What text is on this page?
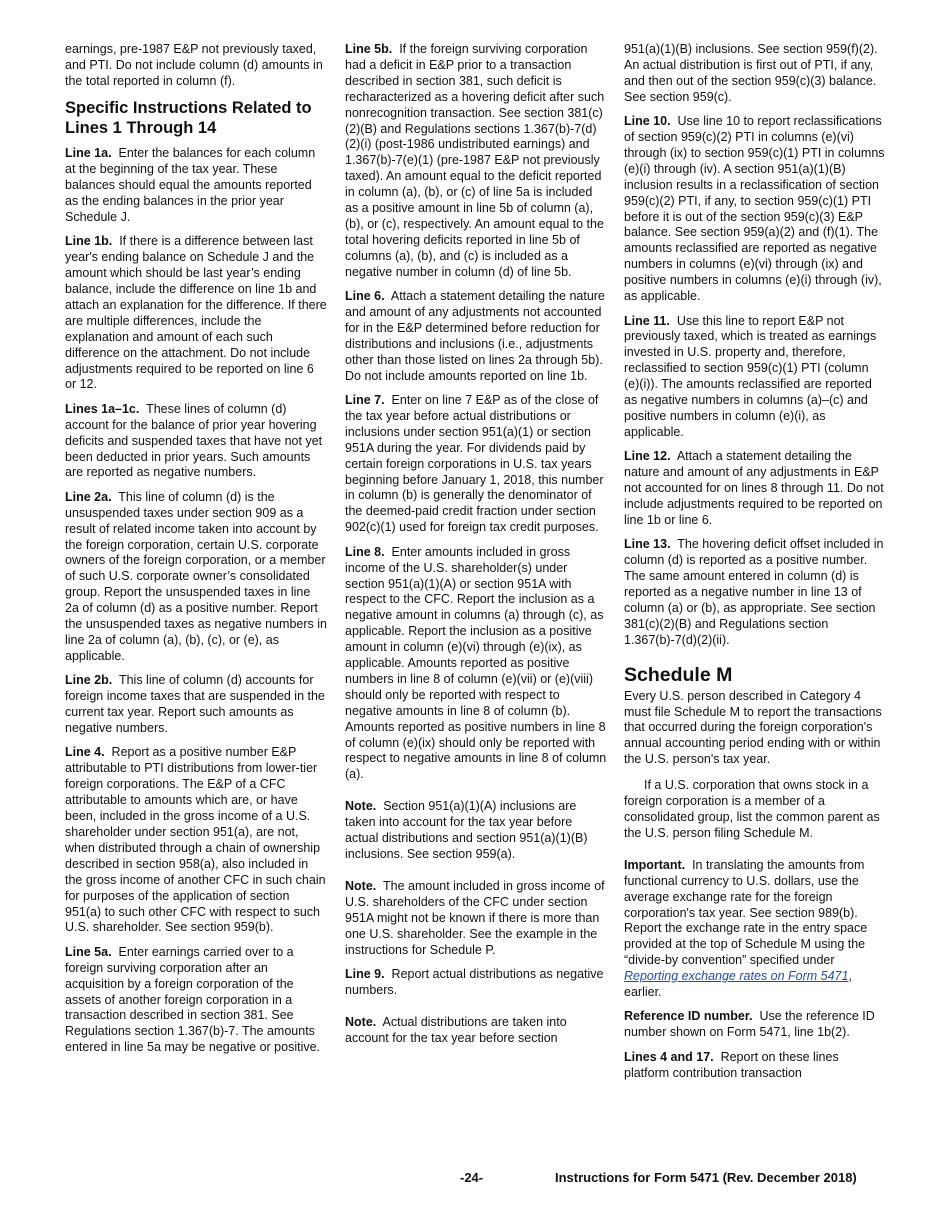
earnings, pre-1987 E&P not previously taxed, and PTI. Do not include column (d) amounts in the total reported in column (f).

Specific Instructions Related to Lines 1 Through 14

Line 1a. Enter the balances for each column at the beginning of the tax year. These balances should equal the amounts reported as the ending balances in the prior year Schedule J.

Line 1b. If there is a difference between last year's ending balance on Schedule J and the amount which should be last year’s ending balance, include the difference on line 1b and attach an explanation for the difference. If there are multiple differences, include the explanation and amount of each such difference on the attachment. Do not include adjustments required to be reported on line 6 or 12.

Lines 1a–1c. These lines of column (d) account for the balance of prior year hovering deficits and suspended taxes that have not yet been deducted in prior years. Such amounts are reported as negative numbers.

Line 2a. This line of column (d) is the unsuspended taxes under section 909 as a result of related income taken into account by the foreign corporation, certain U.S. corporate owners of the foreign corporation, or a member of such U.S. corporate owner’s consolidated group. Report the unsuspended taxes in line 2a of column (d) as a positive number. Report the unsuspended taxes as negative numbers in line 2a of column (a), (b), (c), or (e), as applicable.

Line 2b. This line of column (d) accounts for foreign income taxes that are suspended in the current tax year. Report such amounts as negative numbers.

Line 4. Report as a positive number E&P attributable to PTI distributions from lower-tier foreign corporations. The E&P of a CFC attributable to amounts which are, or have been, included in the gross income of a U.S. shareholder under section 951(a), are not, when distributed through a chain of ownership described in section 958(a), also included in the gross income of another CFC in such chain for purposes of the application of section 951(a) to such other CFC with respect to such U.S. shareholder. See section 959(b).

Line 5a. Enter earnings carried over to a foreign surviving corporation after an acquisition by a foreign corporation of the assets of another foreign corporation in a transaction described in section 381. See Regulations section 1.367(b)-7. The amounts entered in line 5a may be negative or positive.

Line 5b. If the foreign surviving corporation had a deficit in E&P prior to a transaction described in section 381, such deficit is recharacterized as a hovering deficit after such nonrecognition transaction. See section 381(c)(2)(B) and Regulations sections 1.367(b)-7(d)(2)(i) (post-1986 undistributed earnings) and 1.367(b)-7(e)(1) (pre-1987 E&P not previously taxed). An amount equal to the deficit reported in column (a), (b), or (c) of line 5a is included as a positive amount in line 5b of column (a), (b), or (c), respectively. An amount equal to the total hovering deficits reported in line 5b of columns (a), (b), and (c) is included as a negative number in column (d) of line 5b.

Line 6. Attach a statement detailing the nature and amount of any adjustments not accounted for in the E&P determined before reduction for distributions and inclusions (i.e., adjustments other than those listed on lines 2a through 5b). Do not include amounts reported on line 1b.

Line 7. Enter on line 7 E&P as of the close of the tax year before actual distributions or inclusions under section 951(a)(1) or section 951A during the year. For dividends paid by certain foreign corporations in U.S. tax years beginning before January 1, 2018, this number in column (b) is generally the denominator of the deemed-paid credit fraction under section 902(c)(1) used for foreign tax credit purposes.

Line 8. Enter amounts included in gross income of the U.S. shareholder(s) under section 951(a)(1)(A) or section 951A with respect to the CFC. Report the inclusion as a negative amount in columns (a) through (c), as applicable. Report the inclusion as a positive amount in column (e)(vi) through (e)(ix), as applicable. Amounts reported as positive numbers in line 8 of column (e)(vii) or (e)(viii) should only be reported with respect to negative amounts in line 8 of column (b). Amounts reported as positive numbers in line 8 of column (e)(ix) should only be reported with respect to negative amounts in line 8 of column (a).

Note. Section 951(a)(1)(A) inclusions are taken into account for the tax year before actual distributions and section 951(a)(1)(B) inclusions. See section 959(a).

Note. The amount included in gross income of U.S. shareholders of the CFC under section 951A might not be known if there is more than one U.S. shareholder. See the example in the instructions for Schedule P.

Line 9. Report actual distributions as negative numbers.

Note. Actual distributions are taken into account for the tax year before section

951(a)(1)(B) inclusions. See section 959(f)(2). An actual distribution is first out of PTI, if any, and then out of the section 959(c)(3) balance. See section 959(c).

Line 10. Use line 10 to report reclassifications of section 959(c)(2) PTI in columns (e)(vi) through (ix) to section 959(c)(1) PTI in columns (e)(i) through (iv). A section 951(a)(1)(B) inclusion results in a reclassification of section 959(c)(2) PTI, if any, to section 959(c)(1) PTI before it is out of the section 959(c)(3) E&P balance. See section 959(a)(2) and (f)(1). The amounts reclassified are reported as negative numbers in columns (e)(vi) through (ix) and positive numbers in columns (e)(i) through (iv), as applicable.

Line 11. Use this line to report E&P not previously taxed, which is treated as earnings invested in U.S. property and, therefore, reclassified to section 959(c)(1) PTI (column (e)(i)). The amounts reclassified are reported as negative numbers in columns (a)–(c) and positive numbers in column (e)(i), as applicable.

Line 12. Attach a statement detailing the nature and amount of any adjustments in E&P not accounted for on lines 8 through 11. Do not include adjustments required to be reported on line 1b or line 6.

Line 13. The hovering deficit offset included in column (d) is reported as a positive number. The same amount entered in column (d) is reported as a negative number in line 13 of column (a) or (b), as appropriate. See section 381(c)(2)(B) and Regulations section 1.367(b)-7(d)(2)(ii).

Schedule M

Every U.S. person described in Category 4 must file Schedule M to report the transactions that occurred during the foreign corporation's annual accounting period ending with or within the U.S. person's tax year.

If a U.S. corporation that owns stock in a foreign corporation is a member of a consolidated group, list the common parent as the U.S. person filing Schedule M.

Important. In translating the amounts from functional currency to U.S. dollars, use the average exchange rate for the foreign corporation's tax year. See section 989(b). Report the exchange rate in the entry space provided at the top of Schedule M using the “divide-by convention” specified under Reporting exchange rates on Form 5471, earlier.

Reference ID number. Use the reference ID number shown on Form 5471, line 1b(2).

Lines 4 and 17. Report on these lines platform contribution transaction

-24-	Instructions for Form 5471 (Rev. December 2018)
